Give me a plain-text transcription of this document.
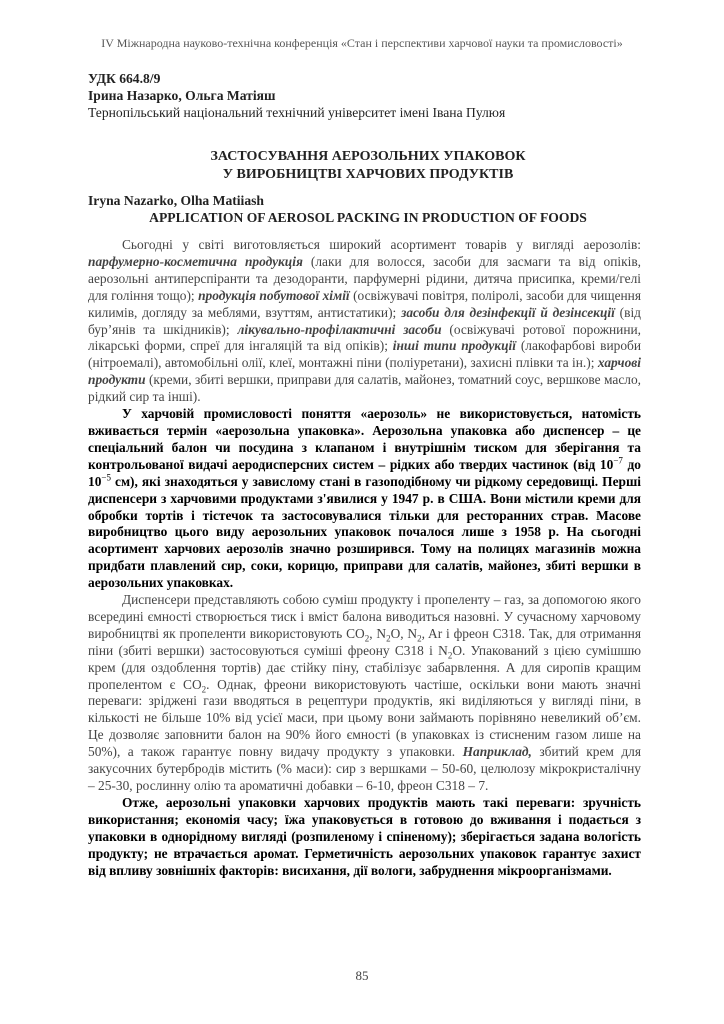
IV Міжнародна науково-технічна конференція «Стан і перспективи харчової науки та промисловості»
УДК 664.8/9
Ірина Назарко, Ольга Матіяш
Тернопільський національний технічний університет імені Івана Пулюя
ЗАСТОСУВАННЯ АЕРОЗОЛЬНИХ УПАКОВОК
У ВИРОБНИЦТВІ ХАРЧОВИХ ПРОДУКТІВ
Iryna Nazarko, Olha Matiiash
APPLICATION OF AEROSOL PACKING IN PRODUCTION OF FOODS

Сьогодні у світі виготовляється широкий асортимент товарів у вигляді аерозолів: парфумерно-косметична продукція (лаки для волосся, засоби для засмаги та від опіків, аерозольні антиперспіранти та дезодоранти, парфумерні рідини, дитяча присипка, креми/гелі для гоління тощо); продукція побутової хімії (освіжувачі повітря, поліролі, засоби для чищення килимів, догляду за меблями, взуттям, антистатики); засоби для дезінфекції й дезінсекції (від бур’янів та шкідників); лікувально-профілактичні засоби (освіжувачі ротової порожнини, лікарські форми, спреї для інгаляцій та від опіків); інші типи продукції (лакофарбові вироби (нітроемалі), автомобільні олії, клеї, монтажні піни (поліуретани), захисні плівки та ін.); харчові продукти (креми, збиті вершки, приправи для салатів, майонез, томатний соус, вершкове масло, рідкий сир та інші).

У харчовій промисловості поняття «аерозоль» не використовується, натомість вживається термін «аерозольна упаковка». Аерозольна упаковка або диспенсер – це спеціальний балон чи посудина з клапаном і внутрішнім тиском для зберігання та контрольованої видачі аеродисперсних систем – рідких або твердих частинок (від $10^{-7}$ до $10^{-5}$ см), які знаходяться у завислому стані в газоподібному чи рідкому середовищі. Перші диспенсери з харчовими продуктами з'явилися у 1947 р. в США. Вони містили креми для обробки тортів і тістечок та застосовувалися тільки для ресторанних страв. Масове виробництво цього виду аерозольних упаковок почалося лише з 1958 р. На сьогодні асортимент харчових аерозолів значно розширився. Тому на полицях магазинів можна придбати плавлений сир, соки, корицю, приправи для салатів, майонез, збиті вершки в аерозольних упаковках.

Диспенсери представляють собою суміш продукту і пропеленту – газ, за допомогою якого всередині ємності створюється тиск і вміст балона виводиться назовні. У сучасному харчовому виробництві як пропеленти використовують $CO_2$, $N_2O$, $N_2$, Ar і фреон С318. Так, для отримання піни (збиті вершки) застосовуються суміші фреону С318 і $N_2O$. Упакований з цією сумішшю крем (для оздоблення тортів) дає стійку піну, стабілізує забарвлення. А для сиропів кращим пропелентом є $CO_2$. Однак, фреони використовують частіше, оскільки вони мають значні переваги: зріджені гази вводяться в рецептури продуктів, які виділяються у вигляді піни, в кількості не більше 10% від усієї маси, при цьому вони займають порівняно невеликий об’єм. Це дозволяє заповнити балон на 90% його ємності (в упаковках із стисненим газом лише на 50%), а також гарантує повну видачу продукту з упаковки. Наприклад, збитий крем для закусочних бутербродів містить (% маси): сир з вершками – 50-60, целюлозу мікрокристалічну – 25-30, рослинну олію та ароматичні добавки – 6-10, фреон С318 – 7.

Отже, аерозольні упаковки харчових продуктів мають такі переваги: зручність використання; економія часу; їжа упаковується в готовою до вживання і подається з упаковки в однорідному вигляді (розпиленому і спіненому); зберігається задана вологість продукту; не втрачається аромат. Герметичність аерозольних упаковок гарантує захист від впливу зовнішніх факторів: висихання, дії вологи, забруднення мікроорганізмами.

85
